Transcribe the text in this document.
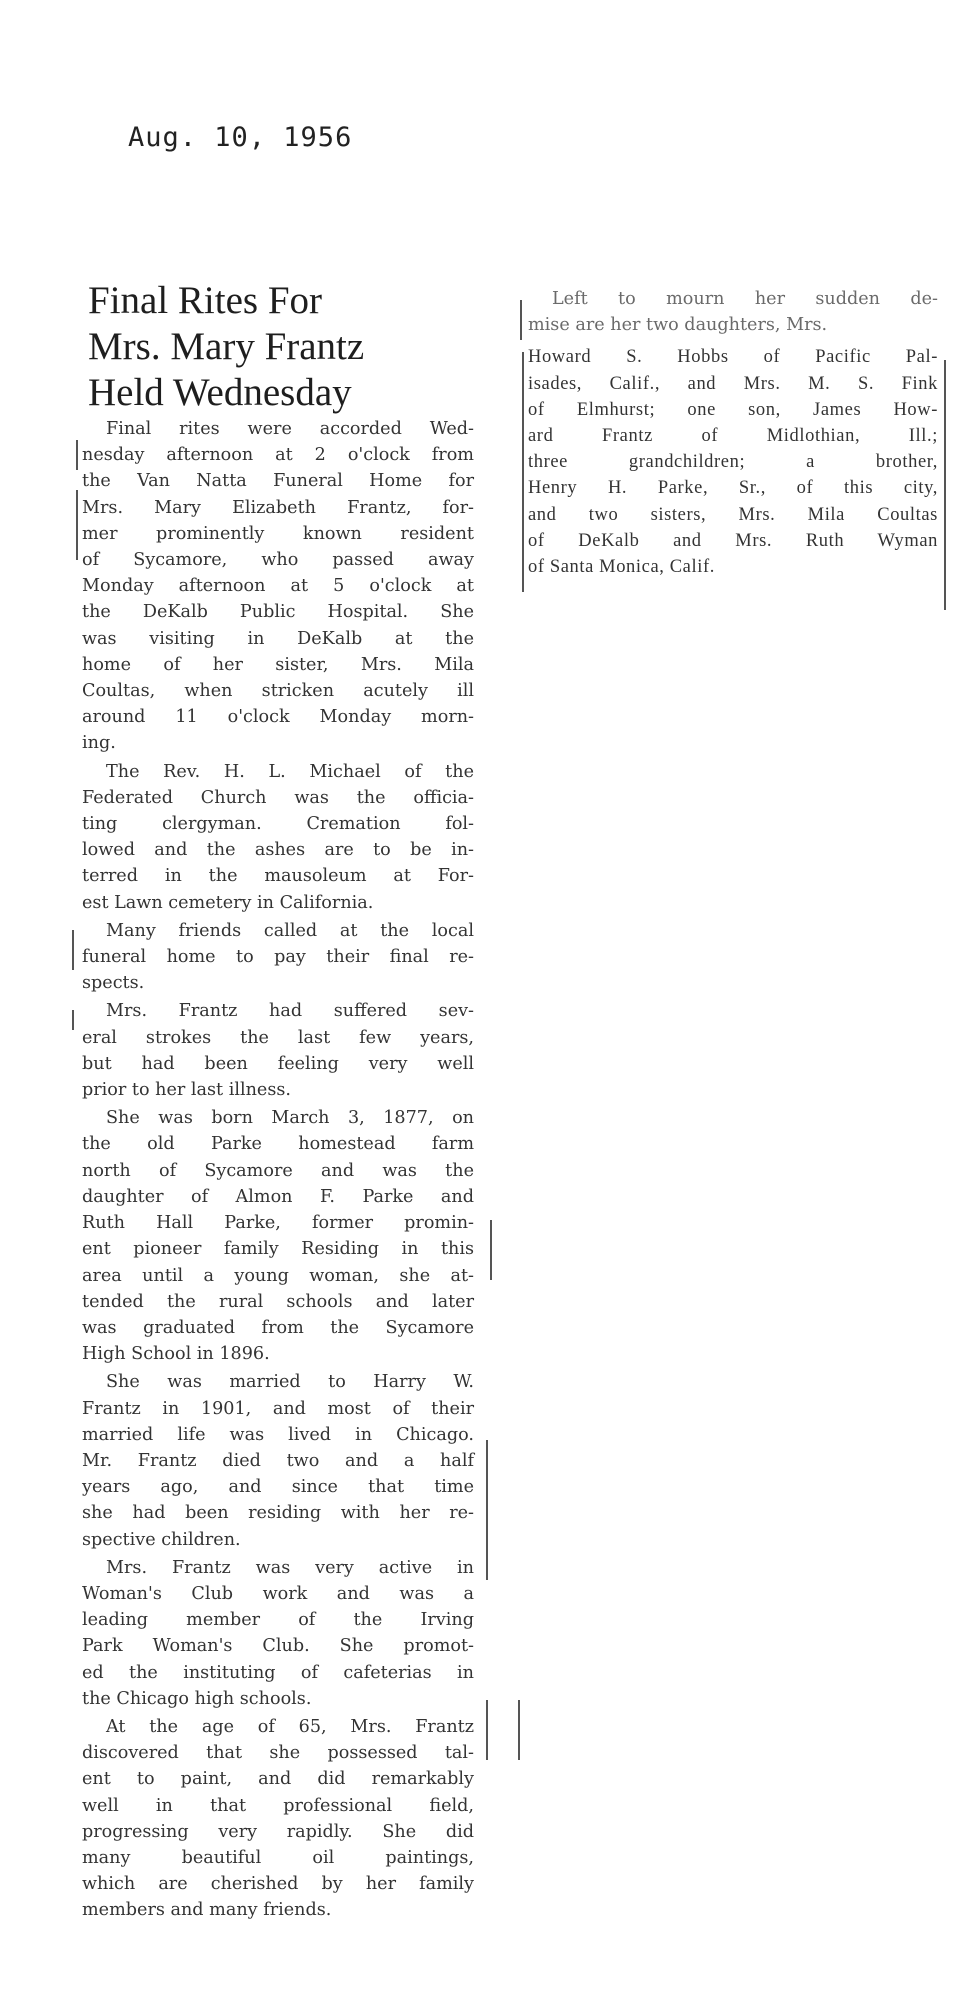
Aug. 10, 1956
Final Rites For
Mrs. Mary Frantz
Held Wednesday
Final rites were accorded Wed-
nesday afternoon at 2 o'clock from
the Van Natta Funeral Home for
Mrs. Mary Elizabeth Frantz, for-
mer prominently known resident
of Sycamore, who passed away
Monday afternoon at 5 o'clock at
the DeKalb Public Hospital. She
was visiting in DeKalb at the
home of her sister, Mrs. Mila
Coultas, when stricken acutely ill
around 11 o'clock Monday morn-
ing.
The Rev. H. L. Michael of the
Federated Church was the officia-
ting clergyman. Cremation fol-
lowed and the ashes are to be in-
terred in the mausoleum at For-
est Lawn cemetery in California.
Many friends called at the local
funeral home to pay their final re-
spects.
Mrs. Frantz had suffered sev-
eral strokes the last few years,
but had been feeling very well
prior to her last illness.
She was born March 3, 1877, on
the old Parke homestead farm
north of Sycamore and was the
daughter of Almon F. Parke and
Ruth Hall Parke, former promin-
ent pioneer family Residing in this
area until a young woman, she at-
tended the rural schools and later
was graduated from the Sycamore
High School in 1896.
She was married to Harry W.
Frantz in 1901, and most of their
married life was lived in Chicago.
Mr. Frantz died two and a half
years ago, and since that time
she had been residing with her re-
spective children.
Mrs. Frantz was very active in
Woman's Club work and was a
leading member of the Irving
Park Woman's Club. She promot-
ed the instituting of cafeterias in
the Chicago high schools.
At the age of 65, Mrs. Frantz
discovered that she possessed tal-
ent to paint, and did remarkably
well in that professional field,
progressing very rapidly. She did
many beautiful oil paintings,
which are cherished by her family
members and many friends.
Left to mourn her sudden de-
mise are her two daughters, Mrs.
Howard S. Hobbs of Pacific Pal-
isades, Calif., and Mrs. M. S. Fink
of Elmhurst; one son, James How-
ard Frantz of Midlothian, Ill.;
three grandchildren; a brother,
Henry H. Parke, Sr., of this city,
and two sisters, Mrs. Mila Coultas
of DeKalb and Mrs. Ruth Wyman
of Santa Monica, Calif.
